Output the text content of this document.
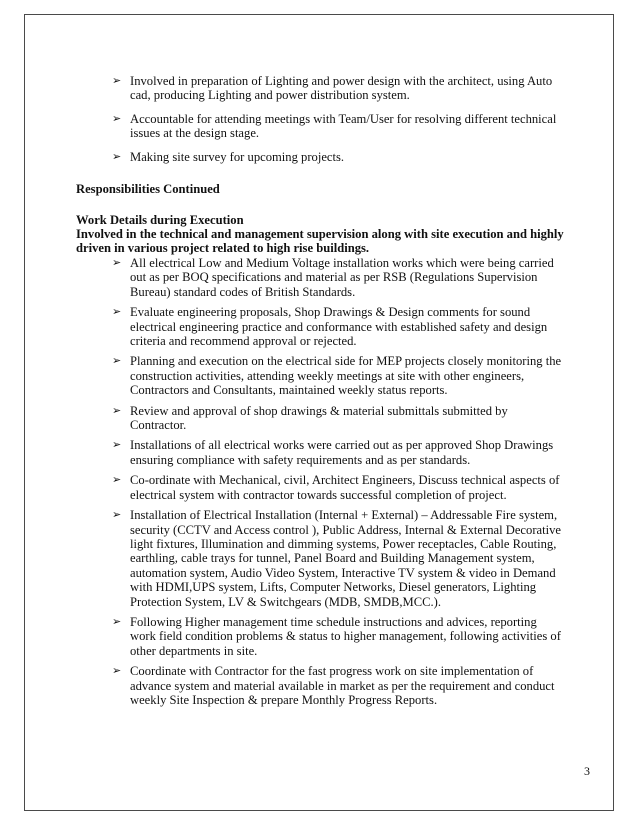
➢ Involved in preparation of Lighting and power design with the architect, using Auto cad, producing Lighting and power distribution system.
➢ Accountable for attending meetings with Team/User for resolving different technical issues at the design stage.
➢ Making site survey for upcoming projects.
Responsibilities Continued
Work Details during Execution
Involved in the technical and management supervision along with site execution and highly driven in various project related to high rise buildings.
➢ All electrical Low and Medium Voltage installation works which were being carried out as per BOQ specifications and material as per RSB (Regulations Supervision Bureau) standard codes of British Standards.
➢ Evaluate engineering proposals, Shop Drawings & Design comments for sound electrical engineering practice and conformance with established safety and design criteria and recommend approval or rejected.
➢ Planning and execution on the electrical side for MEP projects closely monitoring the construction activities, attending weekly meetings at site with other engineers, Contractors and Consultants, maintained weekly status reports.
➢ Review and approval of shop drawings & material submittals submitted by Contractor.
➢ Installations of all electrical works were carried out as per approved Shop Drawings ensuring compliance with safety requirements and as per standards.
➢ Co-ordinate with Mechanical, civil, Architect Engineers, Discuss technical aspects of electrical system with contractor towards successful completion of project.
➢ Installation of Electrical Installation (Internal + External) – Addressable Fire system, security (CCTV and Access control ), Public Address, Internal & External Decorative light fixtures, Illumination and dimming systems, Power receptacles, Cable Routing, earthling, cable trays for tunnel, Panel Board and Building Management system, automation system, Audio Video System, Interactive TV system & video in Demand with HDMI,UPS system, Lifts, Computer Networks, Diesel generators, Lighting Protection System, LV & Switchgears (MDB, SMDB,MCC.).
➢ Following Higher management time schedule instructions and advices, reporting work field condition problems & status to higher management, following activities of other departments in site.
➢ Coordinate with Contractor for the fast progress work on site implementation of advance system and material available in market as per the requirement and conduct weekly Site Inspection & prepare Monthly Progress Reports.
3
